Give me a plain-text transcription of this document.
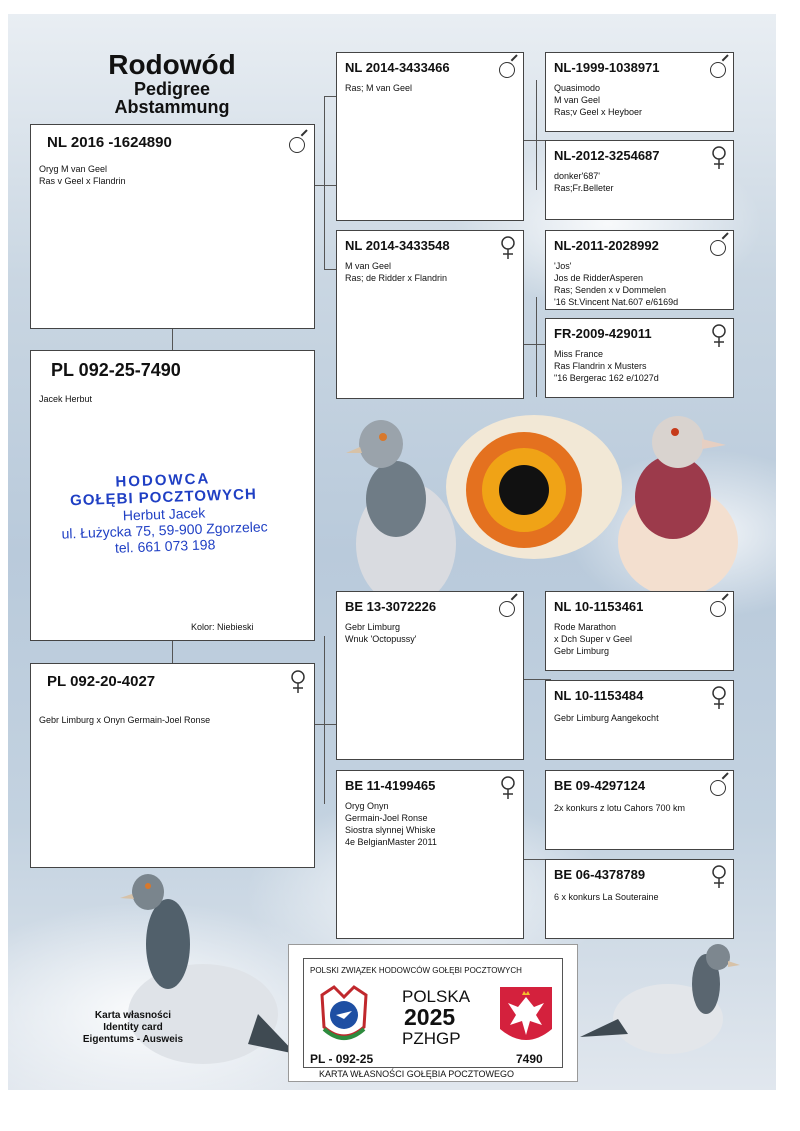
Rodowód
Pedigree
Abstammung
NL 2016 -1624890
Oryg M van Geel
Ras v Geel x Flandrin
PL 092-25-7490
Jacek Herbut
Kolor: Niebieski
HODOWCA
GOŁĘBI POCZTOWYCH
Herbut Jacek
ul. Łużycka 75, 59-900 Zgorzelec
tel. 661 073 198
PL 092-20-4027
Gebr Limburg x Onyn Germain-Joel Ronse
NL 2014-3433466
Ras; M van Geel
NL 2014-3433548
M van Geel
Ras; de Ridder x Flandrin
BE 13-3072226
Gebr Limburg
Wnuk 'Octopussy'
BE 11-4199465
Oryg Onyn
Germain-Joel Ronse
Siostra slynnej Whiske
4e BelgianMaster 2011
NL-1999-1038971
Quasimodo
M van Geel
Ras;v Geel x Heyboer
NL-2012-3254687
donker'687'
Ras;Fr.Belleter
NL-2011-2028992
'Jos'
Jos de RidderAsperen
Ras; Senden x v Dommelen
'16 St.Vincent Nat.607 e/6169d
FR-2009-429011
Miss France
Ras Flandrin x Musters
"16 Bergerac 162 e/1027d
NL 10-1153461
Rode Marathon
x Dch Super v Geel
Gebr Limburg
NL 10-1153484
Gebr Limburg Aangekocht
BE 09-4297124
2x konkurs z lotu Cahors 700 km
BE 06-4378789
6 x konkurs La Souteraine
Karta własności
Identity card
Eigentums - Ausweis
POLSKI ZWIĄZEK HODOWCÓW GOŁĘBI POCZTOWYCH
PZHGP
POLSKA
2025
PZHGP
PL - 092-25	7490
KARTA WŁASNOŚCI GOŁĘBIA POCZTOWEGO
